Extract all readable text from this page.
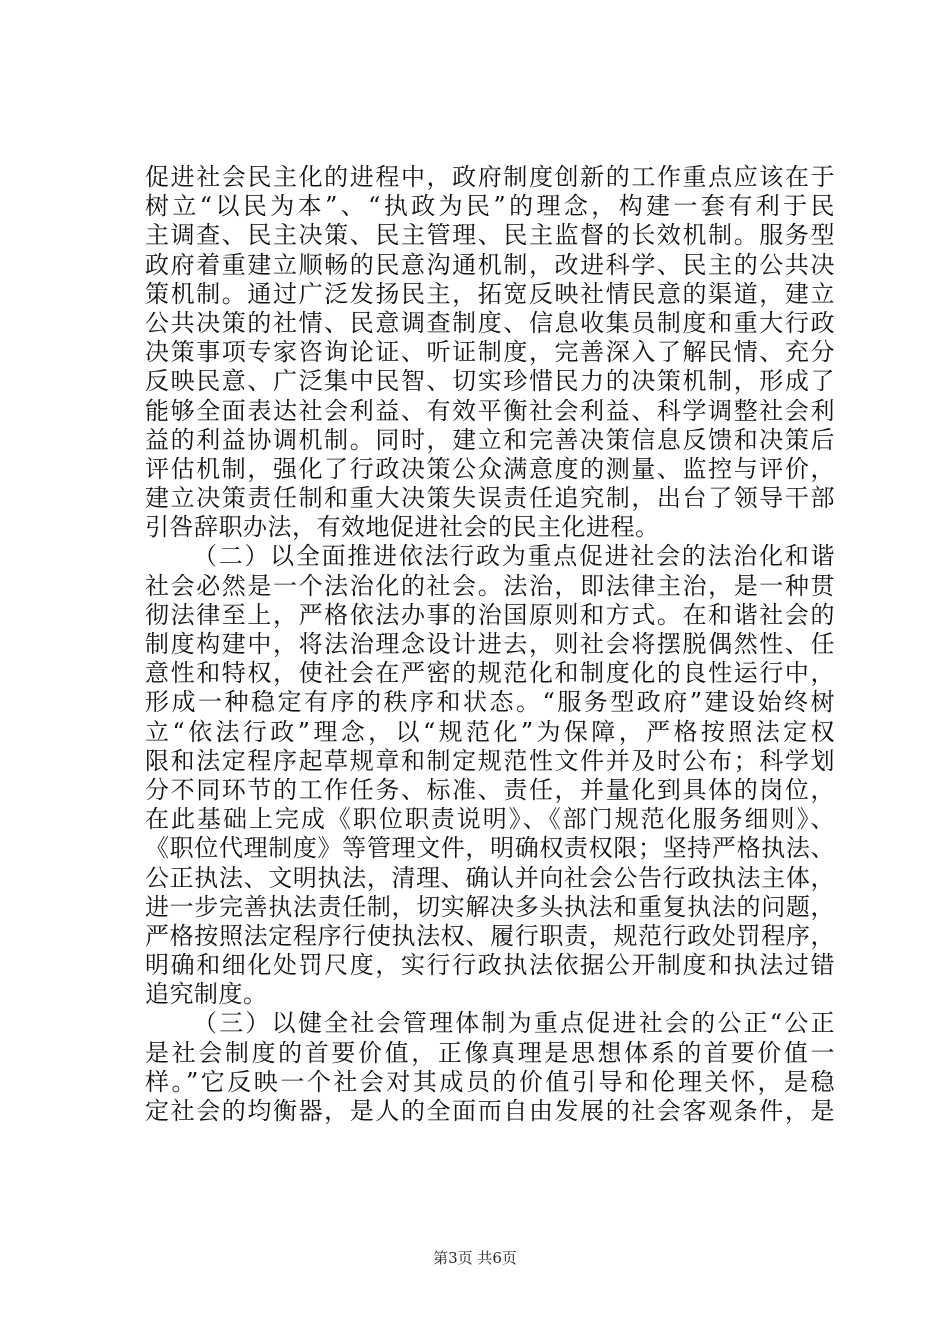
促进社会民主化的进程中，政府制度创新的工作重点应该在于
树立“以民为本”、“执政为民”的理念，构建一套有利于民
主调查、民主决策、民主管理、民主监督的长效机制。服务型
政府着重建立顺畅的民意沟通机制，改进科学、民主的公共决
策机制。通过广泛发扬民主，拓宽反映社情民意的渠道，建立
公共决策的社情、民意调查制度、信息收集员制度和重大行政
决策事项专家咨询论证、听证制度，完善深入了解民情、充分
反映民意、广泛集中民智、切实珍惜民力的决策机制，形成了
能够全面表达社会利益、有效平衡社会利益、科学调整社会利
益的利益协调机制。同时，建立和完善决策信息反馈和决策后
评估机制，强化了行政决策公众满意度的测量、监控与评价，
建立决策责任制和重大决策失误责任追究制，出台了领导干部
引咎辞职办法，有效地促进社会的民主化进程。
（二）以全面推进依法行政为重点促进社会的法治化和谐
社会必然是一个法治化的社会。法治，即法律主治，是一种贯
彻法律至上，严格依法办事的治国原则和方式。在和谐社会的
制度构建中，将法治理念设计进去，则社会将摆脱偶然性、任
意性和特权，使社会在严密的规范化和制度化的良性运行中，
形成一种稳定有序的秩序和状态。“服务型政府”建设始终树
立“依法行政”理念，以“规范化”为保障，严格按照法定权
限和法定程序起草规章和制定规范性文件并及时公布；科学划
分不同环节的工作任务、标准、责任，并量化到具体的岗位，
在此基础上完成《职位职责说明》、《部门规范化服务细则》、
《职位代理制度》等管理文件，明确权责权限；坚持严格执法、
公正执法、文明执法，清理、确认并向社会公告行政执法主体，
进一步完善执法责任制，切实解决多头执法和重复执法的问题，
严格按照法定程序行使执法权、履行职责，规范行政处罚程序，
明确和细化处罚尺度，实行行政执法依据公开制度和执法过错
追究制度。
（三）以健全社会管理体制为重点促进社会的公正“公正
是社会制度的首要价值，正像真理是思想体系的首要价值一
样。”它反映一个社会对其成员的价值引导和伦理关怀，是稳
定社会的均衡器，是人的全面而自由发展的社会客观条件，是
第3页 共6页
